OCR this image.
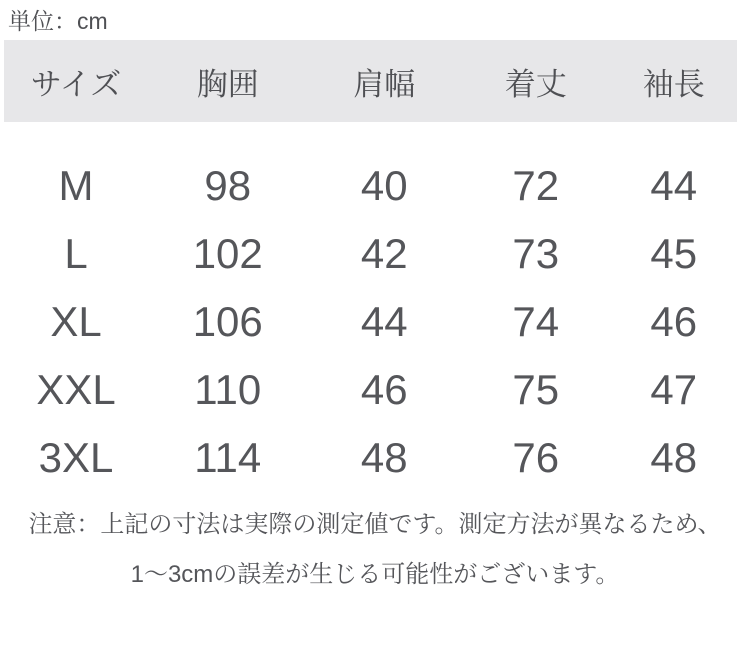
単位：cm
サイズ	胸囲	肩幅	着丈	袖長
M	98	40	72	44
L	102	42	73	45
XL	106	44	74	46
XXL	110	46	75	47
3XL	114	48	76	48
注意：上記の寸法は実際の測定値です。測定方法が異なるため、
1〜3cmの誤差が生じる可能性がございます。
